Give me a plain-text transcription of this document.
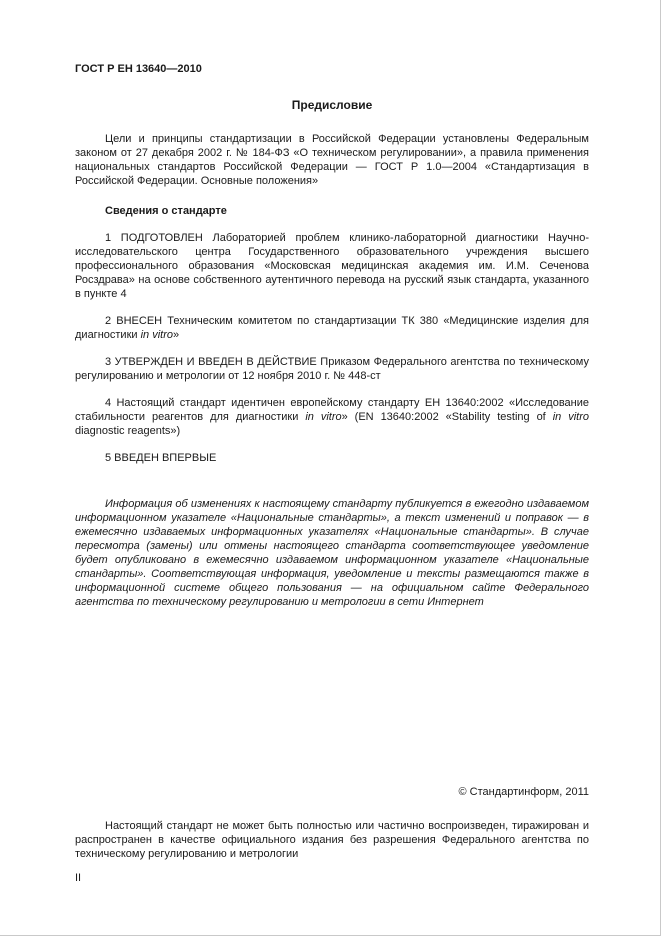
ГОСТ Р ЕН 13640—2010
Предисловие

Цели и принципы стандартизации в Российской Федерации установлены Федеральным законом от 27 декабря 2002 г. № 184-ФЗ «О техническом регулировании», а правила применения национальных стандартов Российской Федерации — ГОСТ Р 1.0—2004 «Стандартизация в Российской Федерации. Основные положения»

Сведения о стандарте

1 ПОДГОТОВЛЕН Лабораторией проблем клинико-лабораторной диагностики Научно-исследовательского центра Государственного образовательного учреждения высшего профессионального образования «Московская медицинская академия им. И.М. Сеченова Росздрава» на основе собственного аутентичного перевода на русский язык стандарта, указанного в пункте 4

2 ВНЕСЕН Техническим комитетом по стандартизации ТК 380 «Медицинские изделия для диагностики in vitro»

3 УТВЕРЖДЕН И ВВЕДЕН В ДЕЙСТВИЕ Приказом Федерального агентства по техническому регулированию и метрологии от 12 ноября 2010 г. № 448-ст

4 Настоящий стандарт идентичен европейскому стандарту ЕН 13640:2002 «Исследование стабильности реагентов для диагностики in vitro» (EN 13640:2002 «Stability testing of in vitro diagnostic reagents»)

5 ВВЕДЕН ВПЕРВЫЕ

Информация об изменениях к настоящему стандарту публикуется в ежегодно издаваемом информационном указателе «Национальные стандарты», а текст изменений и поправок — в ежемесячно издаваемых информационных указателях «Национальные стандарты». В случае пересмотра (замены) или отмены настоящего стандарта соответствующее уведомление будет опубликовано в ежемесячно издаваемом информационном указателе «Национальные стандарты». Соответствующая информация, уведомление и тексты размещаются также в информационной системе общего пользования — на официальном сайте Федерального агентства по техническому регулированию и метрологии в сети Интернет

© Стандартинформ, 2011

Настоящий стандарт не может быть полностью или частично воспроизведен, тиражирован и распространен в качестве официального издания без разрешения Федерального агентства по техническому регулированию и метрологии

II
